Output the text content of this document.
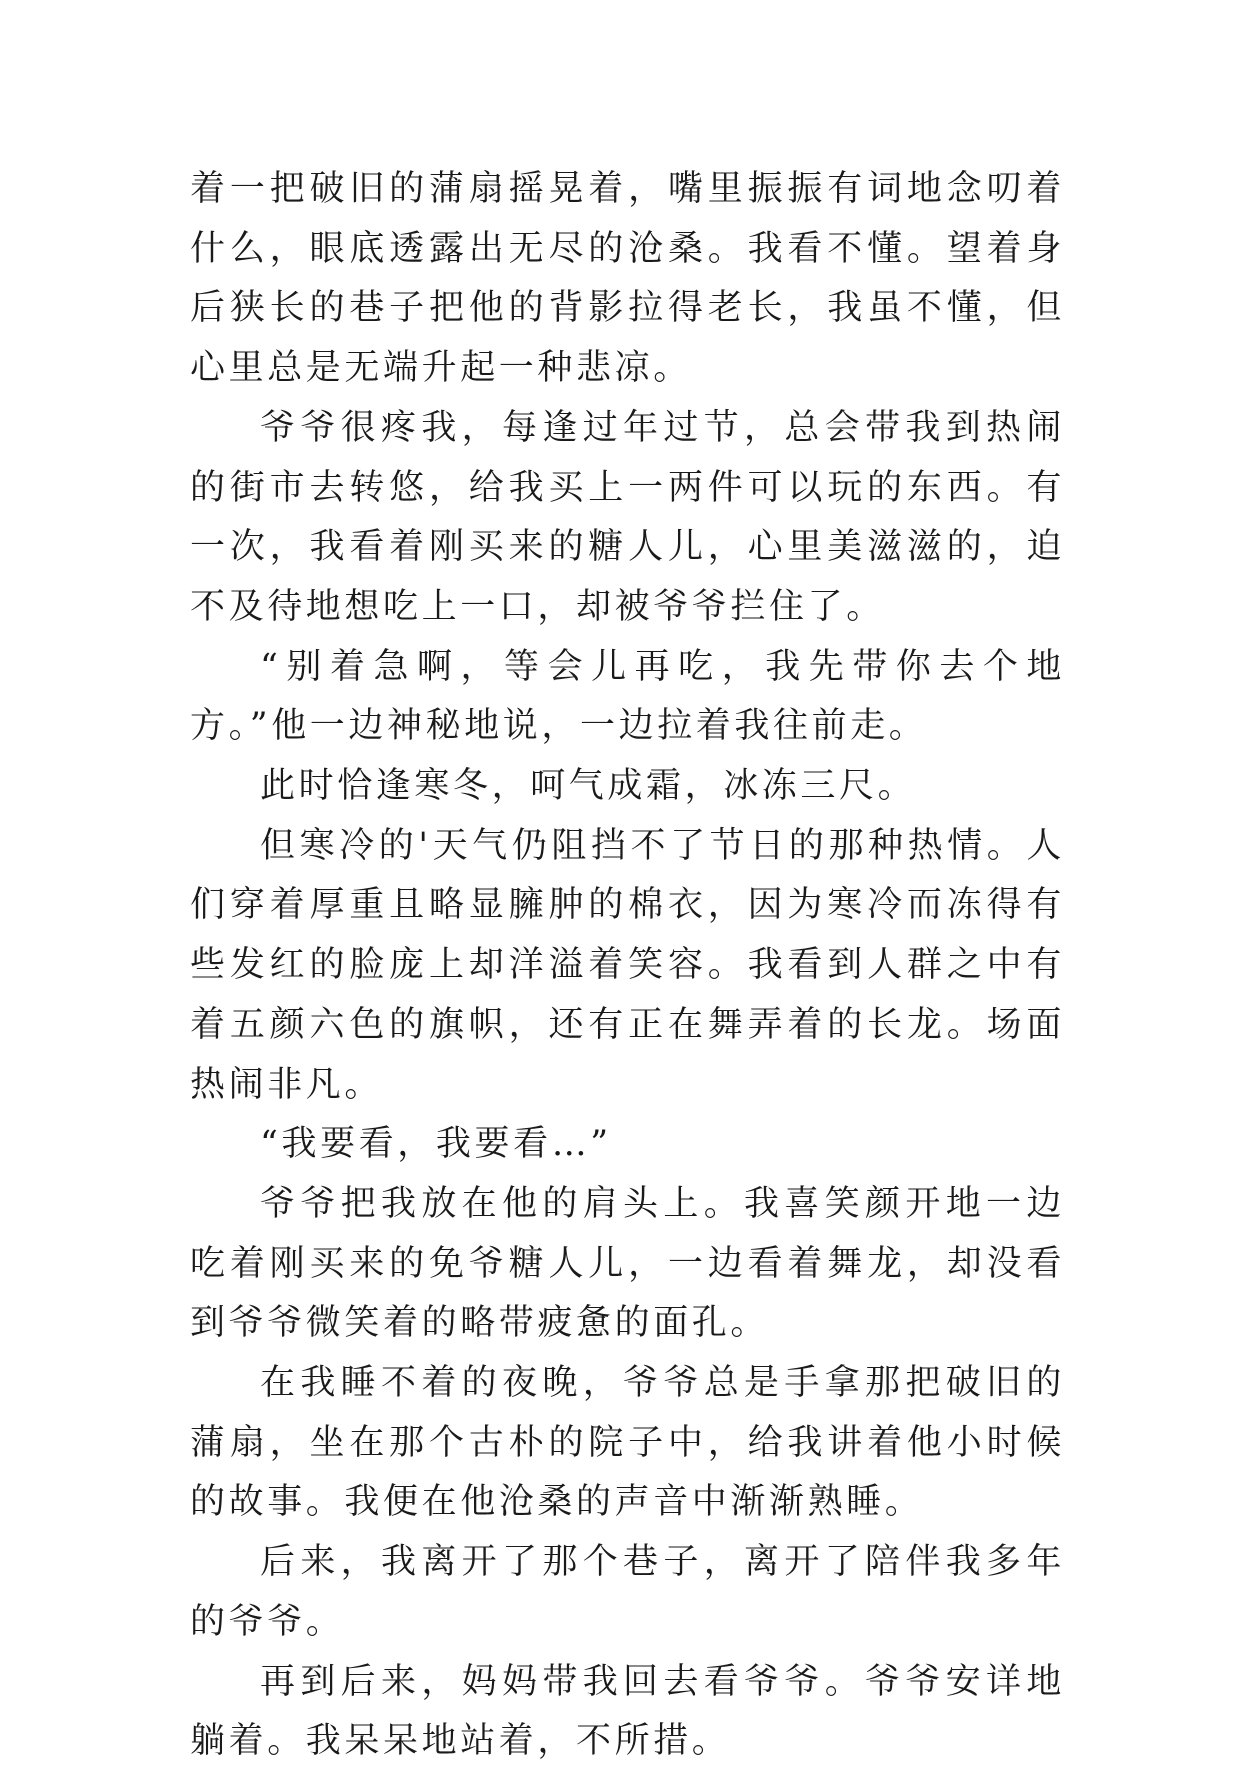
着一把破旧的蒲扇摇晃着，嘴里振振有词地念叨着什么，眼底透露出无尽的沧桑。我看不懂。望着身后狭长的巷子把他的背影拉得老长，我虽不懂，但心里总是无端升起一种悲凉。

爷爷很疼我，每逢过年过节，总会带我到热闹的街市去转悠，给我买上一两件可以玩的东西。有一次，我看着刚买来的糖人儿，心里美滋滋的，迫不及待地想吃上一口，却被爷爷拦住了。

“别着急啊，等会儿再吃，我先带你去个地方。”他一边神秘地说，一边拉着我往前走。

此时恰逢寒冬，呵气成霜，冰冻三尺。

但寒冷的'天气仍阻挡不了节日的那种热情。人们穿着厚重且略显臃肿的棉衣，因为寒冷而冻得有些发红的脸庞上却洋溢着笑容。我看到人群之中有着五颜六色的旗帜，还有正在舞弄着的长龙。场面热闹非凡。

“我要看，我要看…”

爷爷把我放在他的肩头上。我喜笑颜开地一边吃着刚买来的免爷糖人儿，一边看着舞龙，却没看到爷爷微笑着的略带疲惫的面孔。

在我睡不着的夜晚，爷爷总是手拿那把破旧的蒲扇，坐在那个古朴的院子中，给我讲着他小时候的故事。我便在他沧桑的声音中渐渐熟睡。

后来，我离开了那个巷子，离开了陪伴我多年的爷爷。

再到后来，妈妈带我回去看爷爷。爷爷安详地躺着。我呆呆地站着，不所措。
